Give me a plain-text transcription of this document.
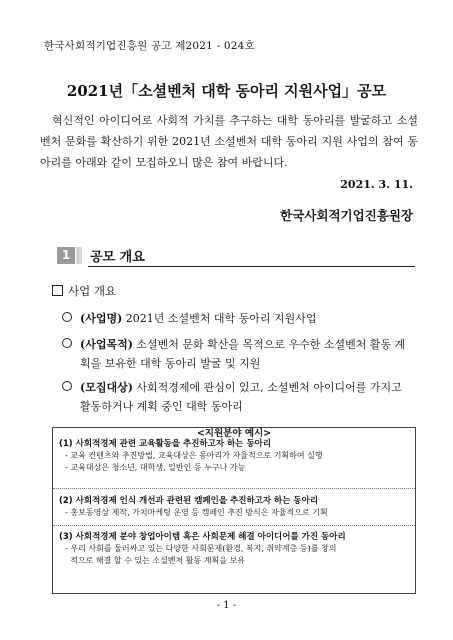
한국사회적기업진흥원 공고 제2021 - 024호
2021년「소셜벤처 대학 동아리 지원사업」공모

혁신적인 아이디어로 사회적 가치를 추구하는 대학 동아리를 발굴하고 소셜벤처 문화를 확산하기 위한 2021년 소셜벤처 대학 동아리 지원 사업의 참여 동아리를 아래와 같이 모집하오니 많은 참여 바랍니다.

2021. 3. 11.
한국사회적기업진흥원장
1	공모 개요
사업 개요
(사업명) 2021년 소셜벤처 대학 동아리 지원사업
(사업목적) 소셜벤처 문화 확산을 목적으로 우수한 소셜벤처 활동 계획을 보유한 대학 동아리 발굴 및 지원
(모집대상) 사회적경제에 관심이 있고, 소셜벤처 아이디어를 가지고 활동하거나 계획 중인 대학 동아리
<지원분야 예시>
(1) 사회적경제 관련 교육활동을 추진하고자 하는 동아리
- 교육 컨텐츠와 추진방법, 교육대상은 동아리가 자율적으로 기획하여 실행
- 교육대상은 청소년, 대학생, 일반인 등 누구나 가능
(2) 사회적경제 인식 개선과 관련된 캠페인을 추진하고자 하는 동아리
- 홍보동영상 제작, 가치마케팅 운영 등 캠페인 추진 방식은 자율적으로 기획
(3) 사회적경제 분야 창업아이템 혹은 사회문제 해결 아이디어를 가진 동아리
- 우리 사회를 둘러싸고 있는 다양한 사회문제(환경, 복지, 취약계층 등)를 창의
적으로 해결 할 수 있는 소셜벤처 활동 계획을 보유
- 1 -
